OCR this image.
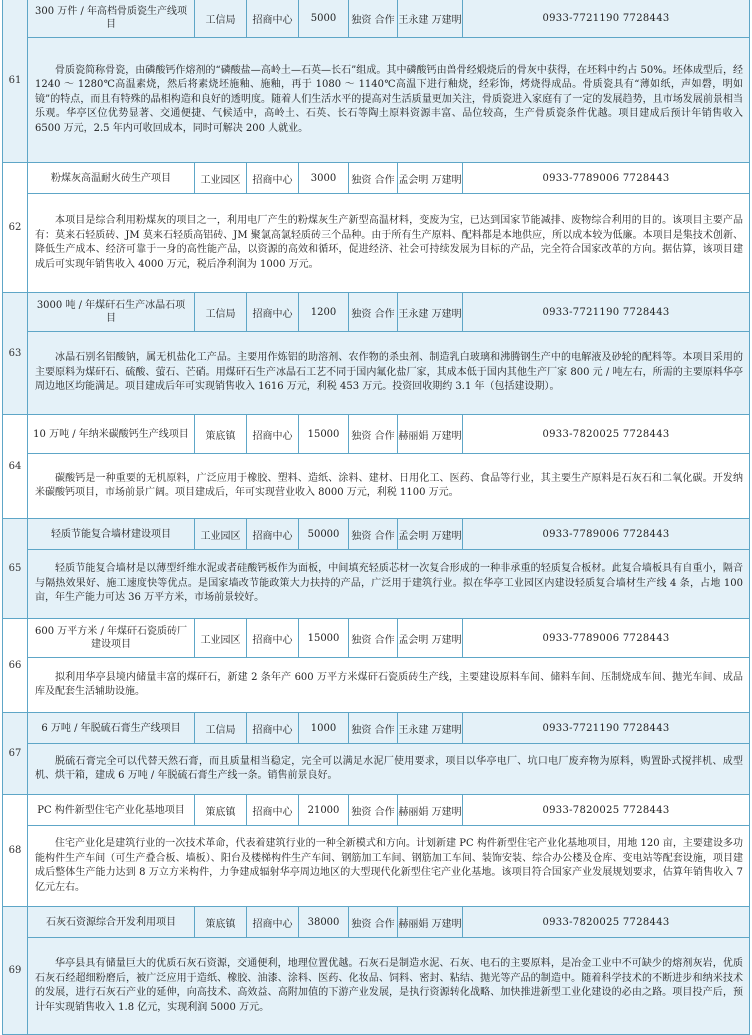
61	300 万件 / 年高档骨质瓷生产线项目	工信局	招商中心	5000	独资 合作	王永建 万建明	0933-7721190 7728443
	骨质瓷简称骨瓷，由磷酸钙作熔剂的“磷酸盐—高岭土—石英—长石”组成。其中磷酸钙由兽骨经煅烧后的骨灰中获得，在坯料中约占 50%。坯体成型后，经 1240 ～ 1280℃高温素烧，然后将素烧坯施釉、施釉，再于 1080 ～ 1140℃高温下进行釉烧，经彩饰，烤烧得成品。骨质瓷具有“薄如纸，声如磬，明如镜”的特点，而且有特殊的晶相构造和良好的透明度。随着人们生活水平的提高对生活质量更加关注，骨质瓷进入家庭有了一定的发展趋势，且市场发展前景相当乐观。华亭区位优势显著、交通便捷、气候适中，高岭土、石英、长石等陶土原料资源丰富、品位较高，生产骨质瓷条件优越。项目建成后预计年销售收入 6500 万元，2.5 年内可收回成本，同时可解决 200 人就业。						
62	粉煤灰高温耐火砖生产项目	工业园区	招商中心	3000	独资 合作	孟会明 万建明	0933-7789006 7728443
	本项目是综合利用粉煤灰的项目之一，利用电厂产生的粉煤灰生产新型高温材料，变废为宝，已达到国家节能减排、废物综合利用的目的。该项目主要产品有：莫来石轻质砖、JM 莫来石轻质高铝砖、JM 聚氯高氯轻质砖三个品种。由于所有生产原料、配料都是本地供应，所以成本较为低廉。本项目是集技术创新、降低生产成本、经济可靠于一身的高性能产品，以资源的高效和循环，促进经济、社会可持续发展为目标的产品，完全符合国家改革的方向。据估算，该项目建成后可实现年销售收入 4000 万元，税后净利润为 1000 万元。						
63	3000 吨 / 年煤矸石生产冰晶石项目	工信局	招商中心	1200	独资 合作	王永建 万建明	0933-7721190 7728443
	冰晶石别名铝酸钠，属无机盐化工产品。主要用作炼铝的助溶剂、农作物的杀虫剂、制造乳白玻璃和沸腾钢生产中的电解液及砂轮的配料等。本项目采用的主要原料为煤矸石、硫酸、萤石、芒硝。用煤矸石生产冰晶石工艺不同于国内氟化盐厂家，其成本低于国内其他生产厂家 800 元 / 吨左右，所需的主要原料华亭周边地区均能满足。项目建成后年可实现销售收入 1616 万元，利税 453 万元。投资回收期约 3.1 年（包括建设期）。						
64	10 万吨 / 年纳米碳酸钙生产线项目	策底镇	招商中心	15000	独资 合作	赫丽娟 万建明	0933-7820025 7728443
	碳酸钙是一种重要的无机原料，广泛应用于橡胶、塑料、造纸、涂料、建材、日用化工、医药、食品等行业，其主要生产原料是石灰石和二氧化碳。开发纳米碳酸钙项目，市场前景广阔。项目建成后，年可实现营业收入 8000 万元，利税 1100 万元。						
65	轻质节能复合墙材建设项目	工业园区	招商中心	50000	独资 合作	孟会明 万建明	0933-7789006 7728443
	轻质节能复合墙材是以薄型纤维水泥或者硅酸钙板作为面板，中间填充轻质芯材一次复合形成的一种非承重的轻质复合板材。此复合墙板具有自重小，隔音与隔热效果好、施工速度快等优点。是国家墙改节能政策大力扶持的产品，广泛用于建筑行业。拟在华亭工业园区内建设轻质复合墙材生产线 4 条，占地 100 亩，年生产能力可达 36 万平方米，市场前景较好。						
66	600 万平方米 / 年煤矸石瓷质砖厂建设项目	工业园区	招商中心	15000	独资 合作	孟会明 万建明	0933-7789006 7728443
	拟利用华亭县境内储量丰富的煤矸石，新建 2 条年产 600 万平方米煤矸石瓷质砖生产线，主要建设原料车间、储料车间、压制烧成车间、抛光车间、成品库及配套生活辅助设施。						
67	6 万吨 / 年脱硫石膏生产线项目	工信局	招商中心	1000	独资 合作	王永建 万建明	0933-7721190 7728443
	脱硫石膏完全可以代替天然石膏，而且质量相当稳定，完全可以满足水泥厂使用要求，项目以华亭电厂、坑口电厂废弃物为原料，购置卧式搅拌机、成型机、烘干箱，建成 6 万吨 / 年脱硫石膏生产线一条。销售前景良好。						
68	PC 构件新型住宅产业化基地项目	策底镇	招商中心	21000	独资 合作	赫丽娟 万建明	0933-7820025 7728443
	住宅产业化是建筑行业的一次技术革命，代表着建筑行业的一种全新模式和方向。计划新建 PC 构件新型住宅产业化基地项目，用地 120 亩，主要建设多功能构件生产车间（可生产叠合板、墙板）、阳台及楼梯构件生产车间、钢筋加工车间、钢筋加工车间、装饰安装、综合办公楼及仓库、变电站等配套设施，项目建成后整体生产能力达到 8 万立方米构件，力争建成辐射华亭周边地区的大型现代化新型住宅产业化基地。该项目符合国家产业发展规划要求，估算年销售收入 7 亿元左右。						
69	石灰石资源综合开发利用项目	策底镇	招商中心	38000	独资 合作	赫丽娟 万建明	0933-7820025 7728443
	华亭县具有储量巨大的优质石灰石资源，交通便利，地理位置优越。石灰石是制造水泥、石灰、电石的主要原料，是冶金工业中不可缺少的熔剂灰岩，优质石灰石经超细粉磨后，被广泛应用于造纸、橡胶、油漆、涂料、医药、化妆品、饲料、密封、粘结、抛光等产品的制造中。随着科学技术的不断进步和纳米技术的发展，进行石灰石产业的延伸，向高技术、高效益、高附加值的下游产业发展，是执行资源转化战略、加快推进新型工业化建设的必由之路。项目投产后，预计年实现销售收入 1.8 亿元，实现利润 5000 万元。						
